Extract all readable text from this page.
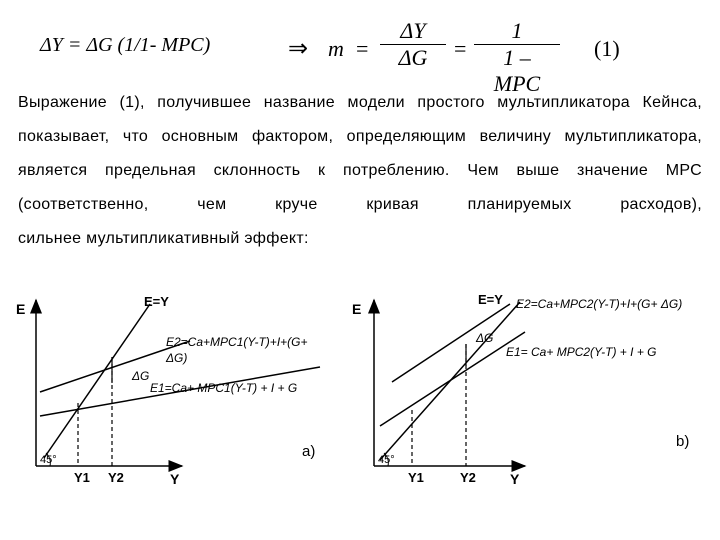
ΔY = ΔG (1/1- MPC)	⇒ $m = \frac{\Delta Y}{\Delta G}$ =
1
1 – MPC
(1)
Выражение (1), получившее название модели простого мультипликатора Кейнса, показывает, что основным фактором, определяющим величину мультипликатора, является предельная склонность к потреблению. Чем выше значение МРС (соответственно, чем круче кривая планируемых расходов),
сильнее мультипликативный эффект:
E
Y
E=Y
45°
Y1 Y2
ΔG
E2=Ca+MPC1(Y-T)+I+(G+
ΔG)
E1=Ca+ MPC1(Y-T) + I + G
a)
E
Y
E=Y
45°
Y1	Y2
ΔG
E2=Ca+MPC2(Y-T)+I+(G+ ΔG)
E1= Ca+ MPC2(Y-T) + I + G
b)
